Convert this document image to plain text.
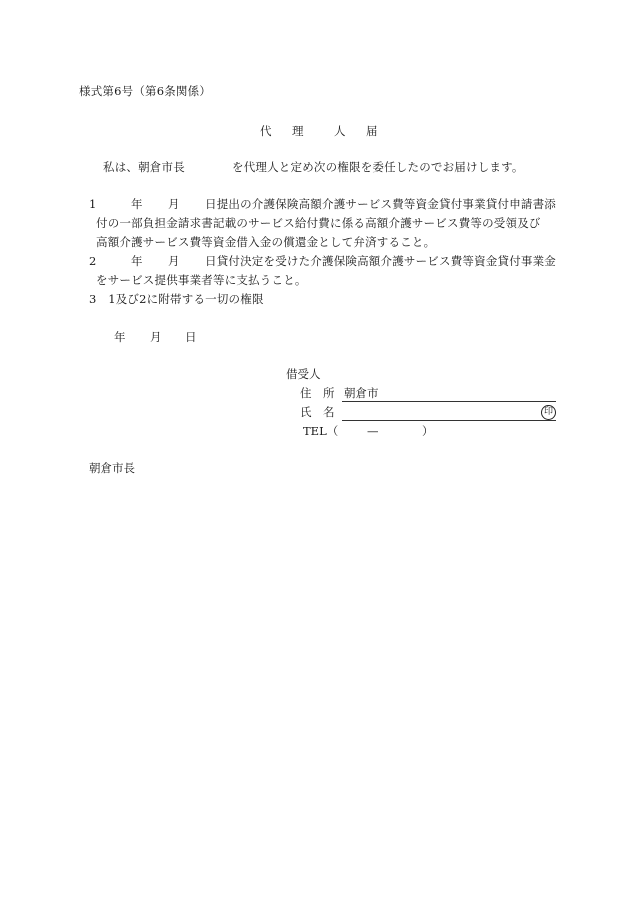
様式第6号（第6条関係）
代 理	人 届
私は、朝倉市長	を代理人と定め次の権限を委任したのでお届けします。
1	年 月 日提出の介護保険高額介護サービス費等資金貸付事業貸付申請書添
付の一部負担金請求書記載のサービス給付費に係る高額介護サービス費等の受領及び
高額介護サービス費等資金借入金の償還金として弁済すること。
2	年 月 日貸付決定を受けた介護保険高額介護サービス費等資金貸付事業金
をサービス提供事業者等に支払うこと。
3　1及び2に附帯する一切の権限
年 月 日
借受人
住　所 朝倉市
氏　名	印
TEL（	—	）
朝倉市長
